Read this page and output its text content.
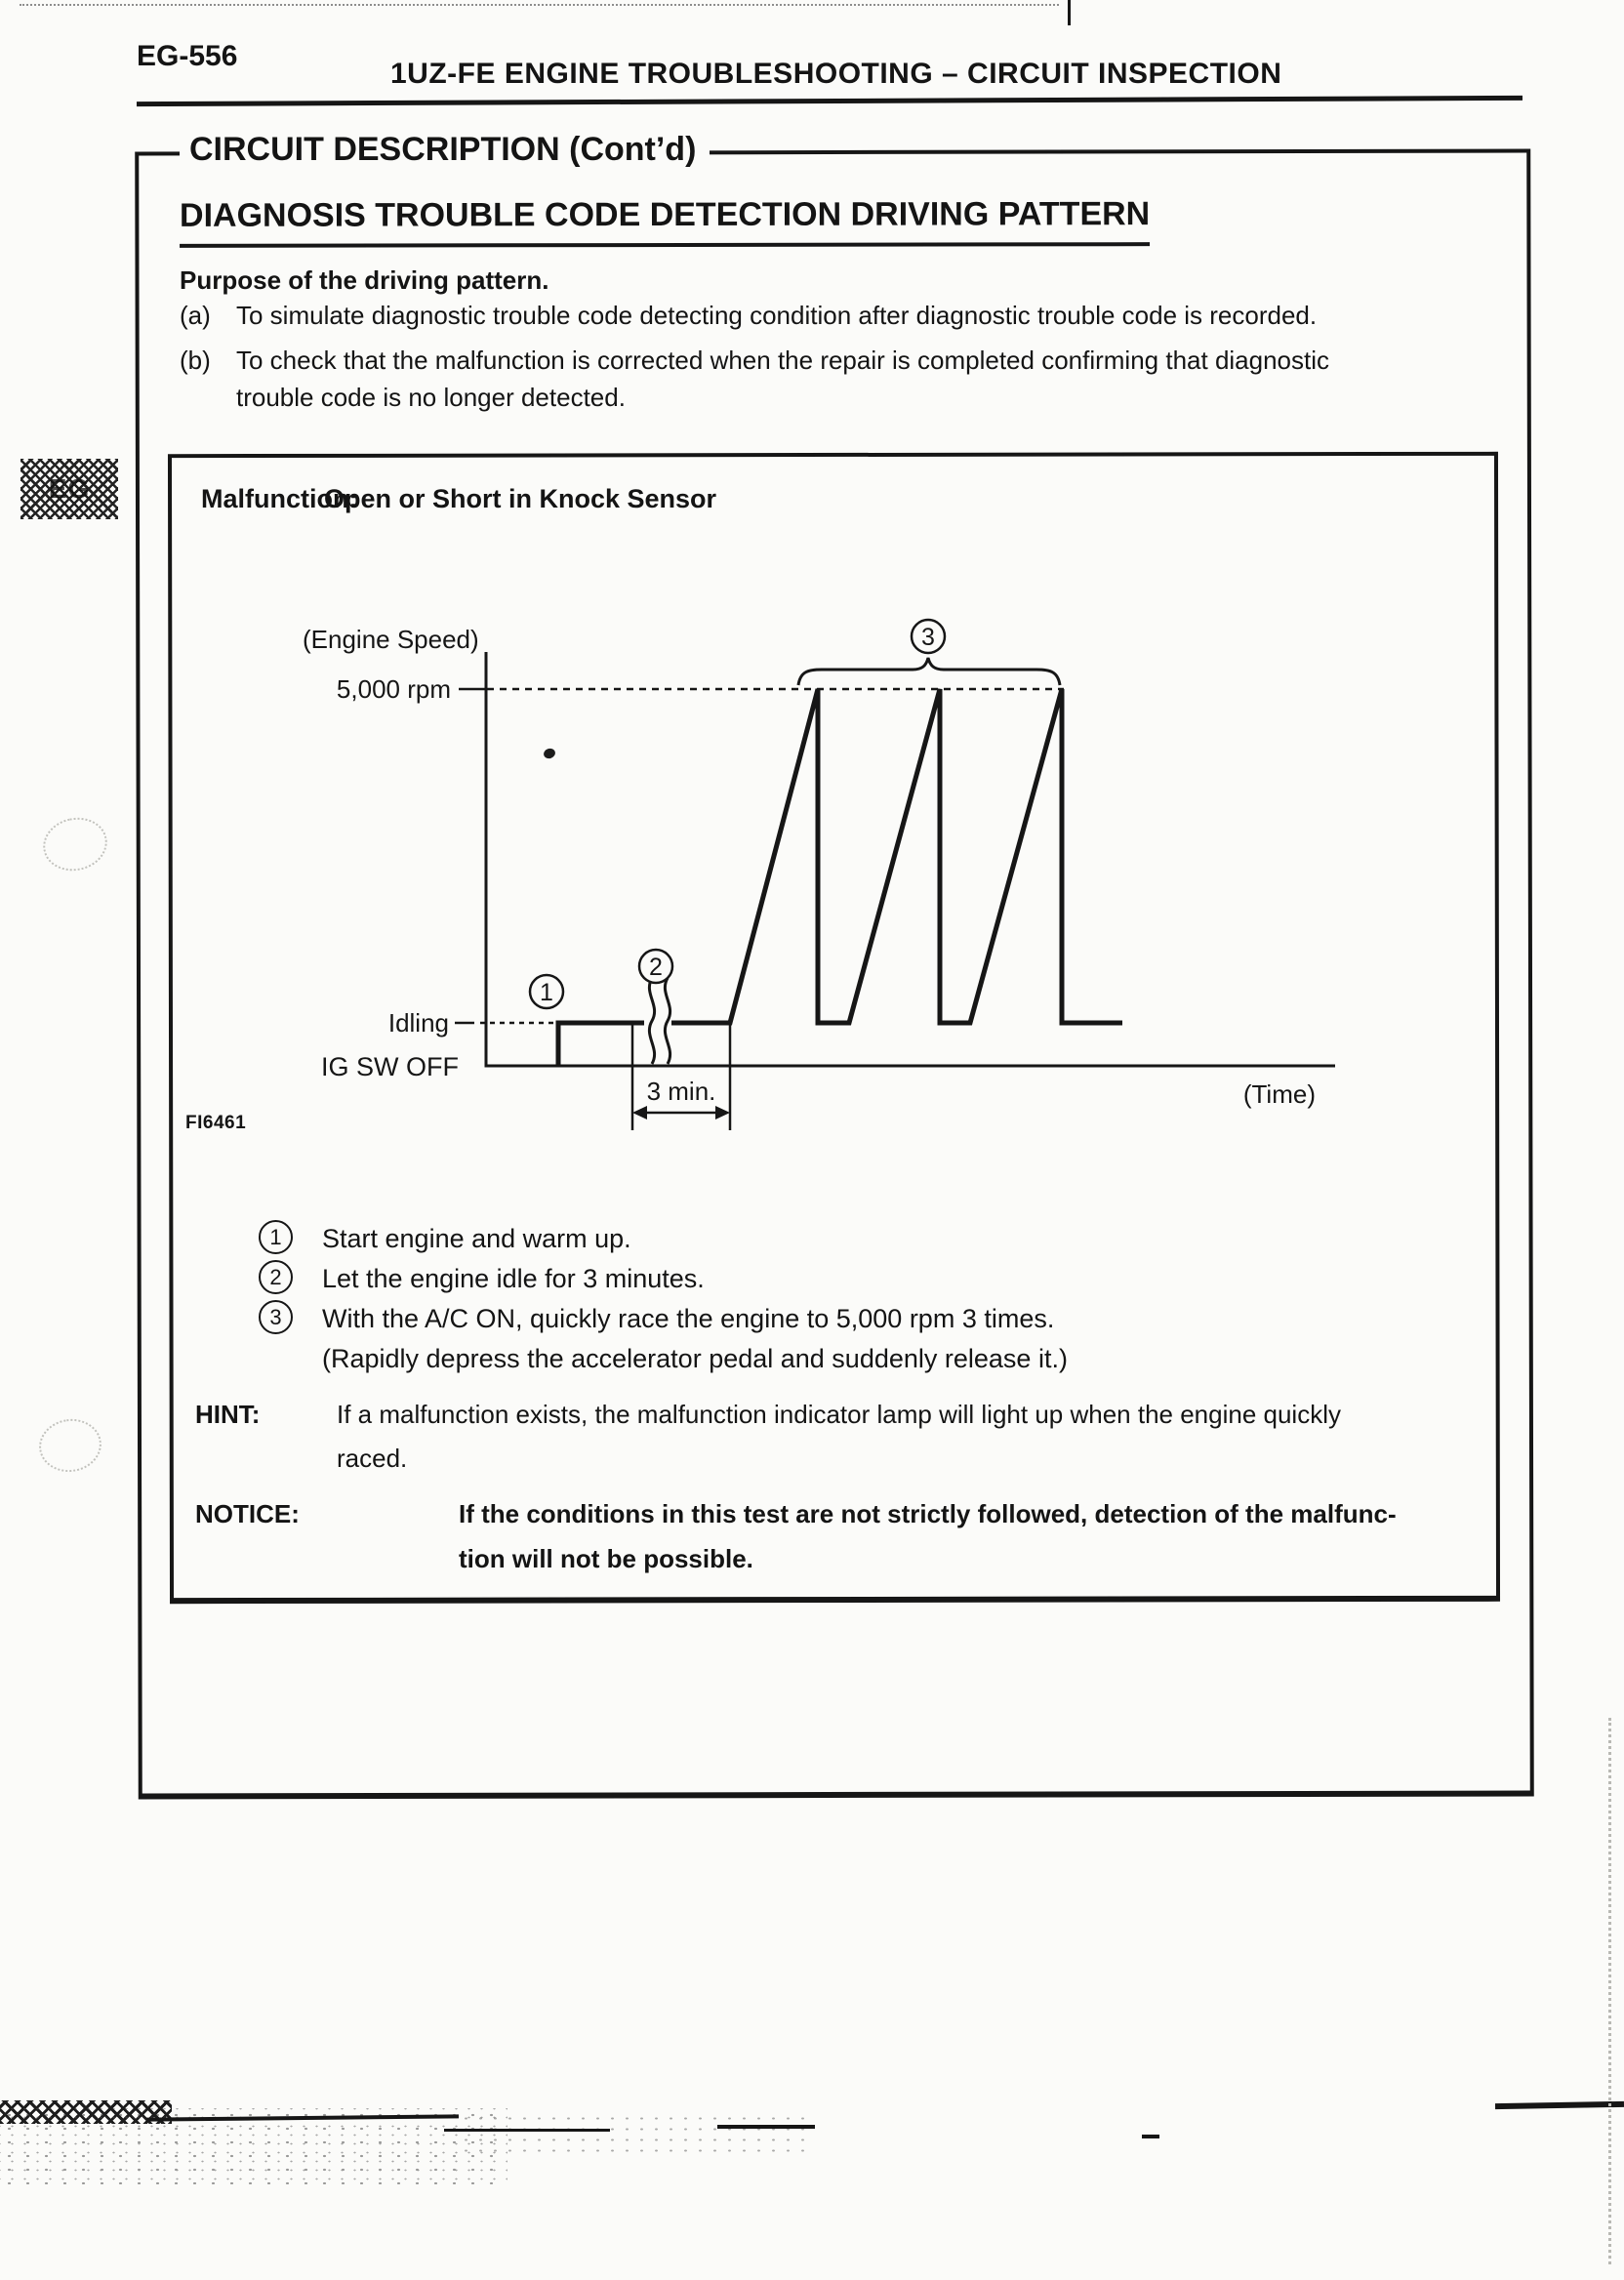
EG-556
1UZ-FE ENGINE TROUBLESHOOTING – CIRCUIT INSPECTION
CIRCUIT DESCRIPTION (Cont’d)
DIAGNOSIS TROUBLE CODE DETECTION DRIVING PATTERN
Purpose of the driving pattern.
(a) To simulate diagnostic trouble code detecting condition after diagnostic trouble code is recorded.
(b) To check that the malfunction is corrected when the repair is completed confirming that diagnostic
trouble code is no longer detected.
EG	Malfunction:
Open or Short in Knock Sensor
1
2
3
(Engine Speed)
5,000 rpm
Idling
IG SW OFF
3 min.	(Time)
FI6461
1	Start engine and warm up.
2	Let the engine idle for 3 minutes.
3	With the A/C ON, quickly race the engine to 5,000 rpm 3 times.
(Rapidly depress the accelerator pedal and suddenly release it.)
HINT:	If a malfunction exists, the malfunction indicator lamp will light up when the engine quickly
raced.
NOTICE:	If the conditions in this test are not strictly followed, detection of the malfunc-
tion will not be possible.
